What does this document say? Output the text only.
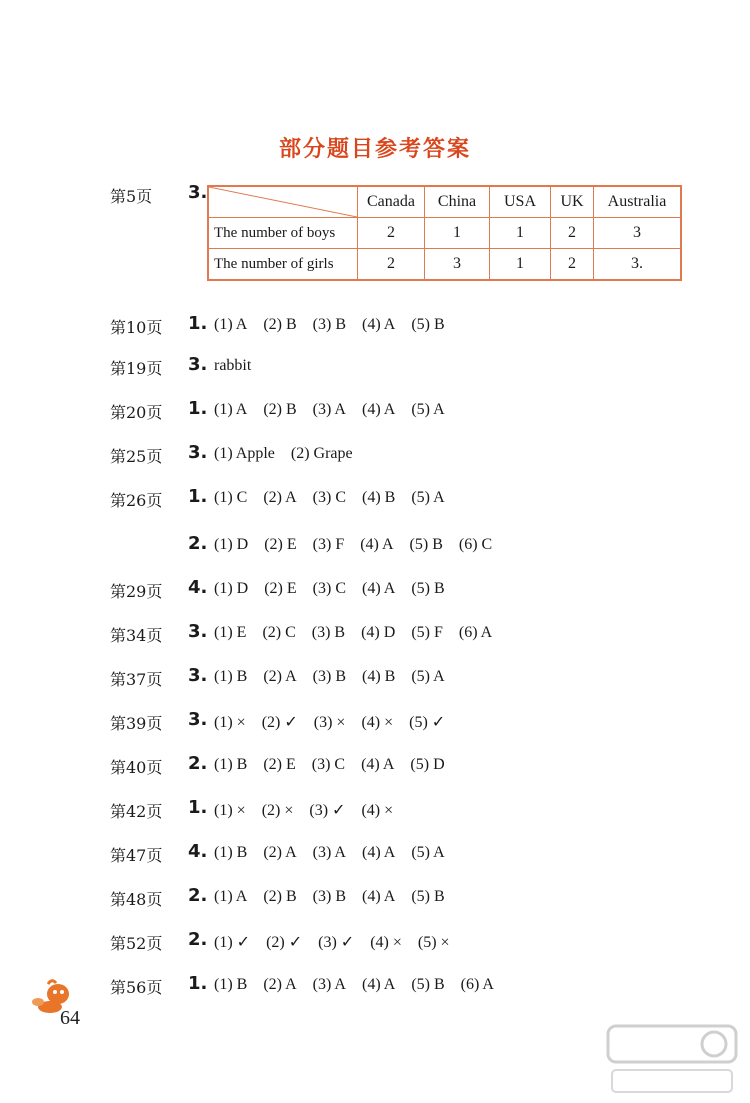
部分题目参考答案
第5页 3.
		Canada	China	USA	UK	Australia
The number of boys	2	1	1	2	3
The number of girls	2	3	1	2	3.
第10页 1. (1) A (2) B (3) B (4) A (5) B
第19页 3. rabbit
第20页 1. (1) A (2) B (3) A (4) A (5) A
第25页 3. (1) Apple (2) Grape
第26页 1. (1) C (2) A (3) C (4) B (5) A
2. (1) D (2) E (3) F (4) A (5) B (6) C
第29页 4. (1) D (2) E (3) C (4) A (5) B
第34页 3. (1) E (2) C (3) B (4) D (5) F (6) A
第37页 3. (1) B (2) A (3) B (4) B (5) A
第39页 3. (1) × (2) ✓ (3) × (4) × (5) ✓
第40页 2. (1) B (2) E (3) C (4) A (5) D
第42页 1. (1) × (2) × (3) ✓ (4) ×
第47页 4. (1) B (2) A (3) A (4) A (5) A
第48页 2. (1) A (2) B (3) B (4) A (5) B
第52页 2. (1) ✓ (2) ✓ (3) ✓ (4) × (5) ×
第56页 1. (1) B (2) A (3) A (4) A (5) B (6) A
64
